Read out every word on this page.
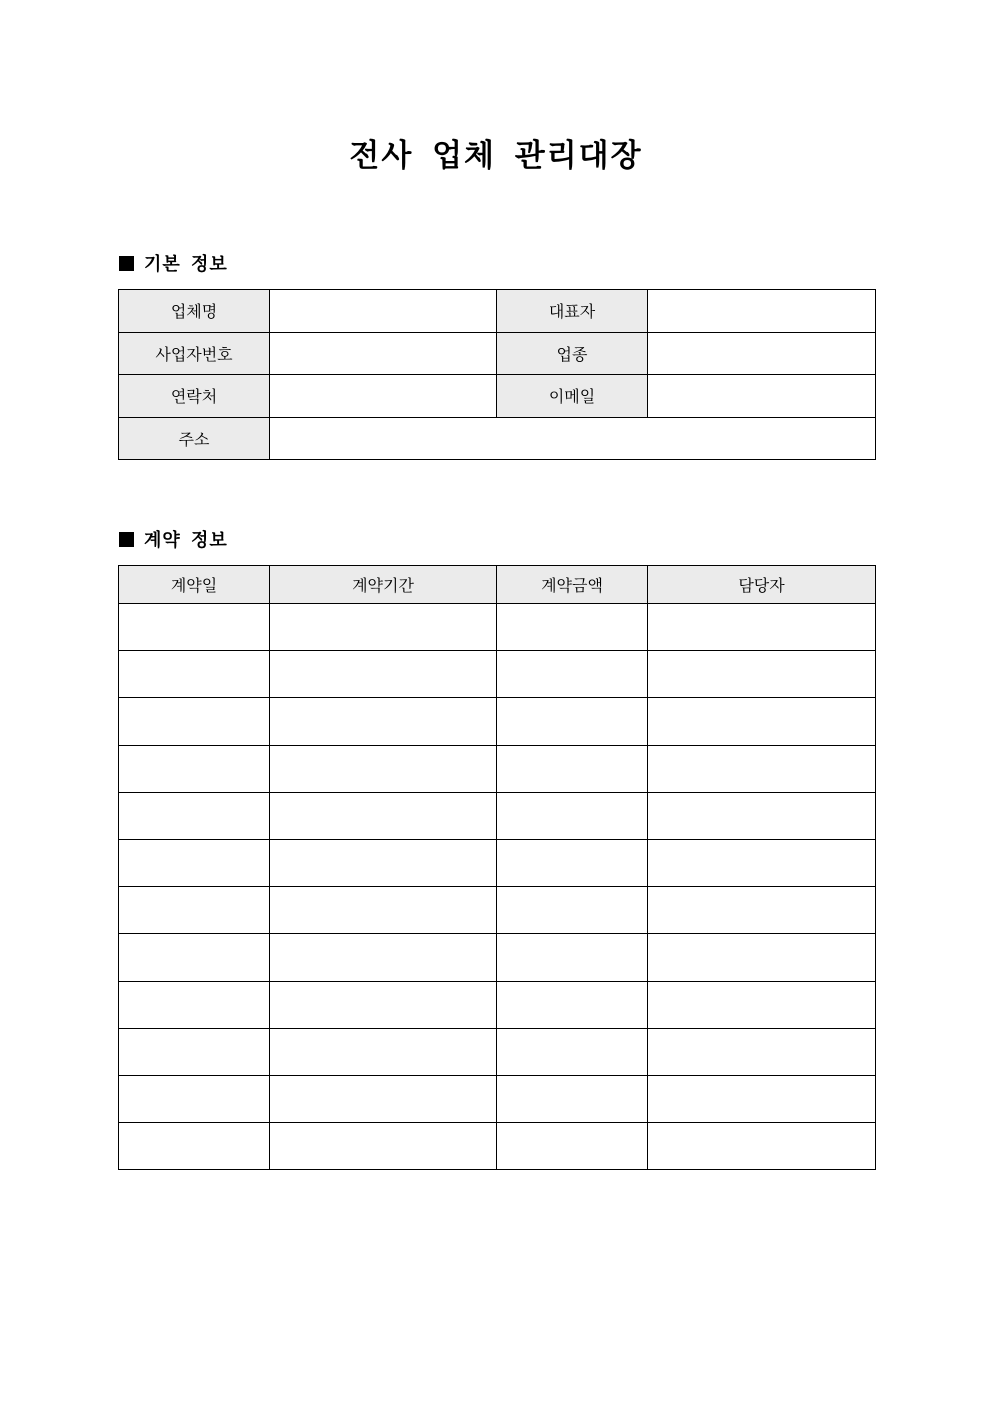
전사 업체 관리대장
기본 정보
업체명		대표자	
사업자번호		업종	
연락처		이메일	
주소			
계약 정보
계약일	계약기간	계약금액	담당자
